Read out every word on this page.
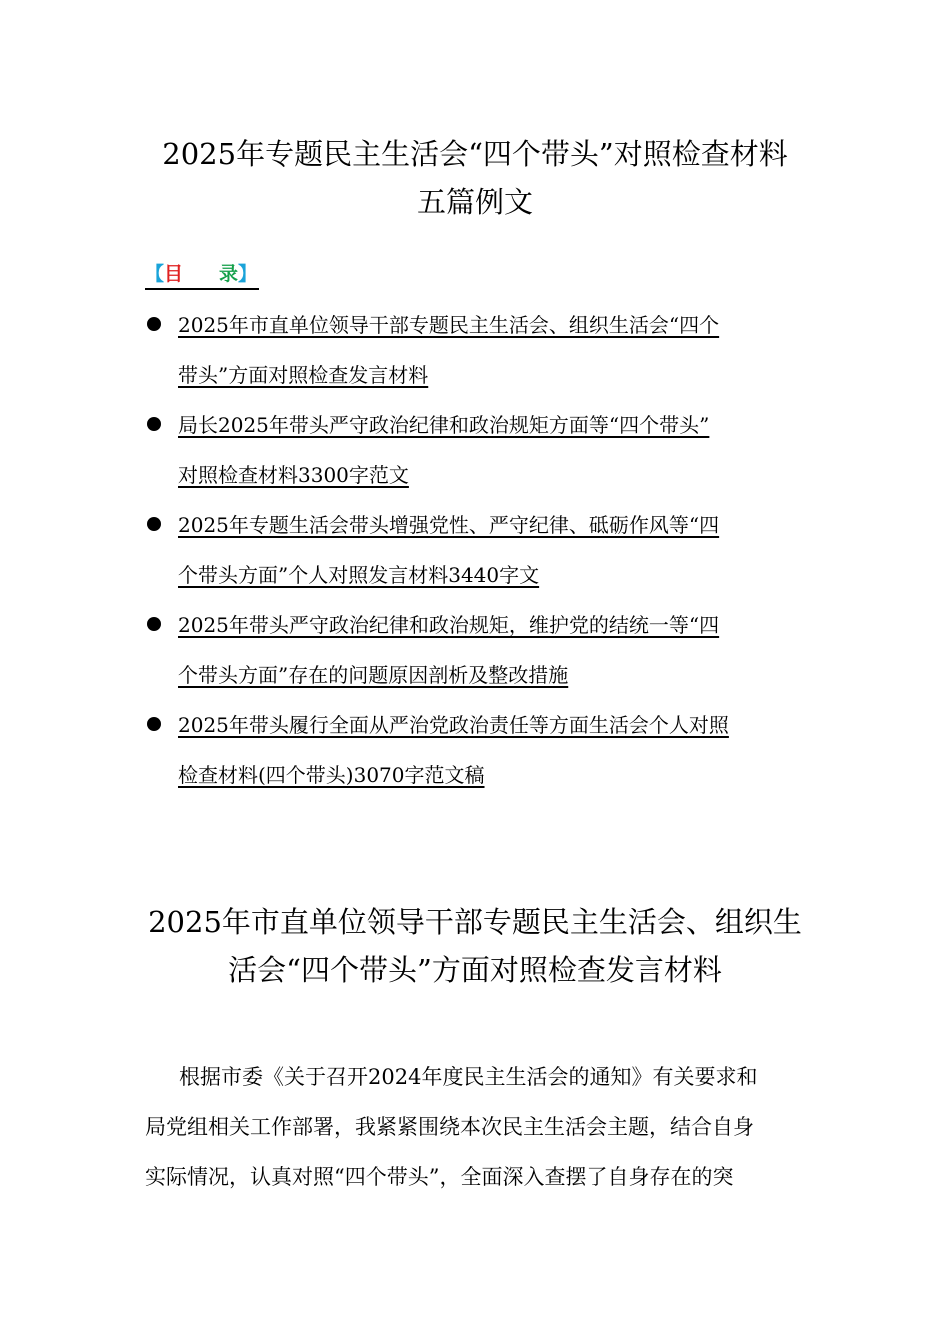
2025年专题民主生活会“四个带头”对照检查材料
五篇例文
【目 录】
2025年市直单位领导干部专题民主生活会、组织生活会“四个
带头”方面对照检查发言材料
局长2025年带头严守政治纪律和政治规矩方面等“四个带头”
对照检查材料3300字范文
2025年专题生活会带头增强党性、严守纪律、砥砺作风等“四
个带头方面”个人对照发言材料3440字文
2025年带头严守政治纪律和政治规矩，维护党的结统一等“四
个带头方面”存在的问题原因剖析及整改措施
2025年带头履行全面从严治党政治责任等方面生活会个人对照
检查材料(四个带头)3070字范文稿
2025年市直单位领导干部专题民主生活会、组织生
活会“四个带头”方面对照检查发言材料

根据市委《关于召开2024年度民主生活会的通知》有关要求和
局党组相关工作部署，我紧紧围绕本次民主生活会主题，结合自身
实际情况，认真对照“四个带头”，全面深入查摆了自身存在的突
